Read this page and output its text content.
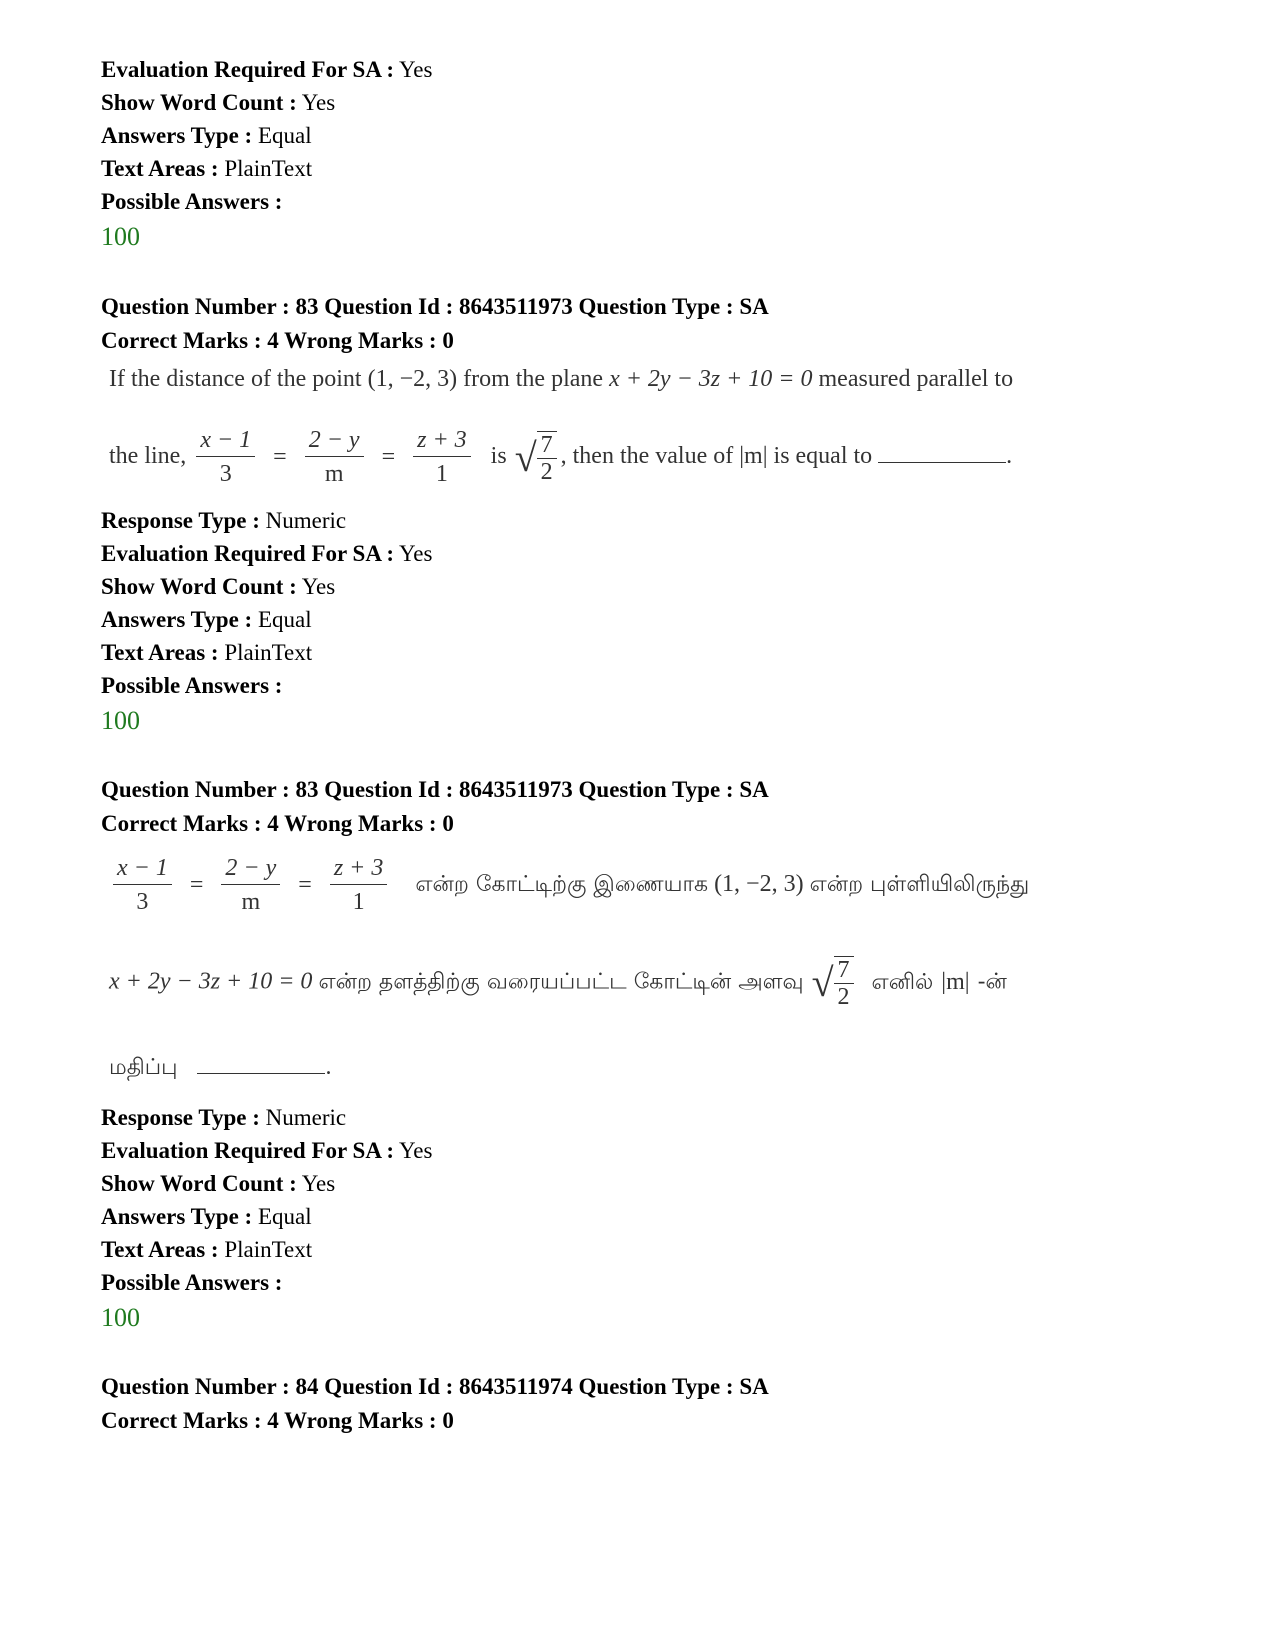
Evaluation Required For SA : Yes
Show Word Count : Yes
Answers Type : Equal
Text Areas : PlainText
Possible Answers :
100
Question Number : 83 Question Id : 8643511973 Question Type : SA
Correct Marks : 4 Wrong Marks : 0
If the distance of the point (1, −2, 3) from the plane x + 2y − 3z + 10 = 0 measured parallel to
the line, $\frac{x - 1}{3} = \frac{2 - y}{m} = \frac{z + 3}{1}$ is √ $\frac{7}{2}$ , then the value of |m| is equal to	.
Response Type : Numeric
Evaluation Required For SA : Yes
Show Word Count : Yes
Answers Type : Equal
Text Areas : PlainText
Possible Answers :
100
Question Number : 83 Question Id : 8643511973 Question Type : SA
Correct Marks : 4 Wrong Marks : 0
$\frac{x - 1}{3} = \frac{2 - y}{m} = \frac{z + 3}{1}$ என்ற கோட்டிற்கு இணையாக (1, −2, 3) என்ற புள்ளியிலிருந்து
x + 2y − 3z + 10 = 0 என்ற தளத்திற்கு வரையப்பட்ட கோட்டின் அளவு √ $\frac{7}{2}$ எனில் |m| -ன்
மதிப்பு	.
Response Type : Numeric
Evaluation Required For SA : Yes
Show Word Count : Yes
Answers Type : Equal
Text Areas : PlainText
Possible Answers :
100
Question Number : 84 Question Id : 8643511974 Question Type : SA
Correct Marks : 4 Wrong Marks : 0
